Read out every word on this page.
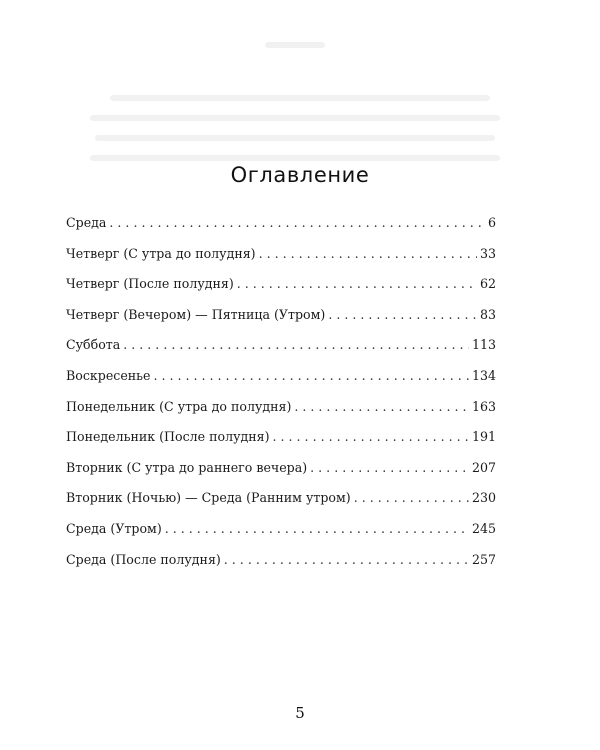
Оглавление
Среда . . .	6
Четверг (С утра до полудня) . . .	33
Четверг (После полудня) . . .	62
Четверг (Вечером) — Пятница (Утром) . . .	83
Суббота . . .	113
Воскресенье . . .	134
Понедельник (С утра до полудня) . . .	163
Понедельник (После полудня) . . .	191
Вторник (С утра до раннего вечера) . . .	207
Вторник (Ночью) — Среда (Ранним утром) . . .	230
Среда (Утром) . . .	245
Среда (После полудня) . . .	257
5
